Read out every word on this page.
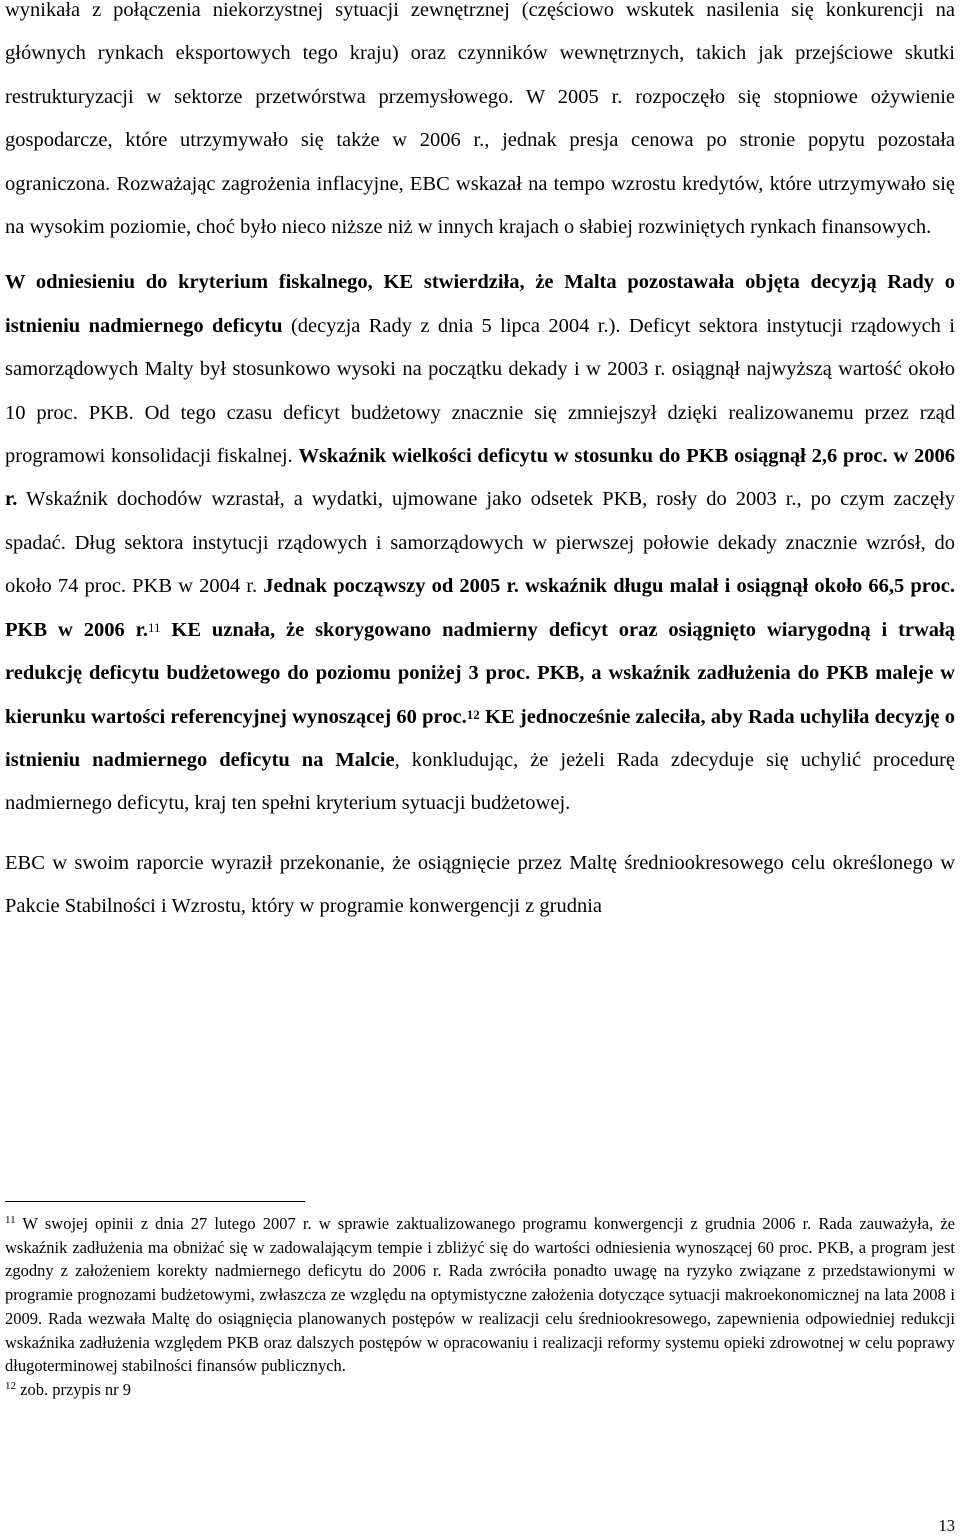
wynikała z połączenia niekorzystnej sytuacji zewnętrznej (częściowo wskutek nasilenia się konkurencji na głównych rynkach eksportowych tego kraju) oraz czynników wewnętrznych, takich jak przejściowe skutki restrukturyzacji w sektorze przetwórstwa przemysłowego. W 2005 r. rozpoczęło się stopniowe ożywienie gospodarcze, które utrzymywało się także w 2006 r., jednak presja cenowa po stronie popytu pozostała ograniczona. Rozważając zagrożenia inflacyjne, EBC wskazał na tempo wzrostu kredytów, które utrzymywało się na wysokim poziomie, choć było nieco niższe niż w innych krajach o słabiej rozwiniętych rynkach finansowych.

W odniesieniu do kryterium fiskalnego, KE stwierdziła, że Malta pozostawała objęta decyzją Rady o istnieniu nadmiernego deficytu (decyzja Rady z dnia 5 lipca 2004 r.). Deficyt sektora instytucji rządowych i samorządowych Malty był stosunkowo wysoki na początku dekady i w 2003 r. osiągnął najwyższą wartość około 10 proc. PKB. Od tego czasu deficyt budżetowy znacznie się zmniejszył dzięki realizowanemu przez rząd programowi konsolidacji fiskalnej. Wskaźnik wielkości deficytu w stosunku do PKB osiągnął 2,6 proc. w 2006 r. Wskaźnik dochodów wzrastał, a wydatki, ujmowane jako odsetek PKB, rosły do 2003 r., po czym zaczęły spadać. Dług sektora instytucji rządowych i samorządowych w pierwszej połowie dekady znacznie wzrósł, do około 74 proc. PKB w 2004 r. Jednak począwszy od 2005 r. wskaźnik długu malał i osiągnął około 66,5 proc. PKB w 2006 r.$^{11}$ KE uznała, że skorygowano nadmierny deficyt oraz osiągnięto wiarygodną i trwałą redukcję deficytu budżetowego do poziomu poniżej 3 proc. PKB, a wskaźnik zadłużenia do PKB maleje w kierunku wartości referencyjnej wynoszącej 60 proc.$^{12}$ KE jednocześnie zaleciła, aby Rada uchyliła decyzję o istnieniu nadmiernego deficytu na Malcie, konkludując, że jeżeli Rada zdecyduje się uchylić procedurę nadmiernego deficytu, kraj ten spełni kryterium sytuacji budżetowej.

EBC w swoim raporcie wyraził przekonanie, że osiągnięcie przez Maltę średniookresowego celu określonego w Pakcie Stabilności i Wzrostu, który w programie konwergencji z grudnia

$^{11}$ W swojej opinii z dnia 27 lutego 2007 r. w sprawie zaktualizowanego programu konwergencji z grudnia 2006 r. Rada zauważyła, że wskaźnik zadłużenia ma obniżać się w zadowalającym tempie i zbliżyć się do wartości odniesienia wynoszącej 60 proc. PKB, a program jest zgodny z założeniem korekty nadmiernego deficytu do 2006 r. Rada zwróciła ponadto uwagę na ryzyko związane z przedstawionymi w programie prognozami budżetowymi, zwłaszcza ze względu na optymistyczne założenia dotyczące sytuacji makroekonomicznej na lata 2008 i 2009. Rada wezwała Maltę do osiągnięcia planowanych postępów w realizacji celu średniookresowego, zapewnienia odpowiedniej redukcji wskaźnika zadłużenia względem PKB oraz dalszych postępów w opracowaniu i realizacji reformy systemu opieki zdrowotnej w celu poprawy długoterminowej stabilności finansów publicznych.

$^{12}$ zob. przypis nr 9

13
